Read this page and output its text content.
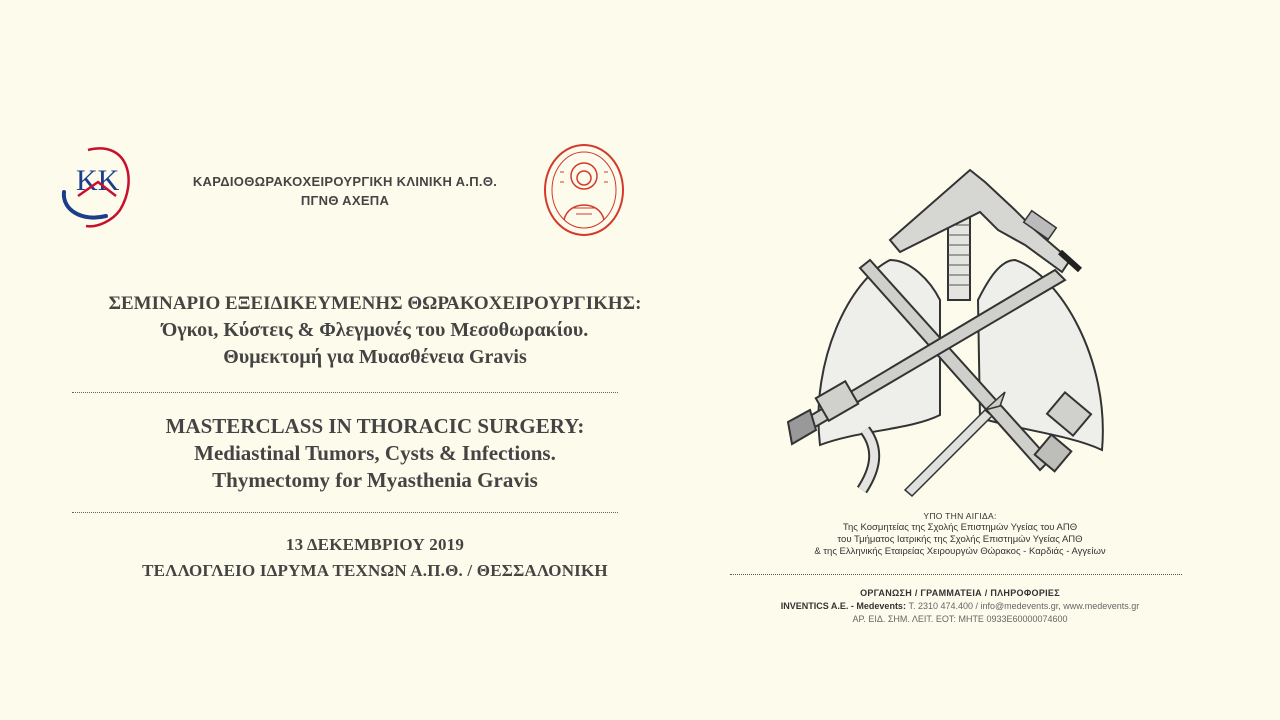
ΚΚ	ΚΑΡΔΙΟΘΩΡΑΚΟΧΕΙΡΟΥΡΓΙΚΗ ΚΛΙΝΙΚΗ Α.Π.Θ.
ΠΓΝΘ ΑΧΕΠΑ
ΣΕΜΙΝΑΡΙΟ ΕΞΕΙΔΙΚΕΥΜΕΝΗΣ ΘΩΡΑΚΟΧΕΙΡΟΥΡΓΙΚΗΣ:
Όγκοι, Κύστεις & Φλεγμονές του Μεσοθωρακίου.
Θυμεκτομή για Μυασθένεια Gravis
MASTERCLASS IN THORACIC SURGERY:
Mediastinal Tumors, Cysts & Infections.
Thymectomy for Myasthenia Gravis
13 ΔΕΚΕΜΒΡΙΟΥ 2019
ΤΕΛΛΟΓΛΕΙΟ ΙΔΡΥΜΑ ΤΕΧΝΩΝ Α.Π.Θ. / ΘΕΣΣΑΛΟΝΙΚΗ
ΥΠΟ ΤΗΝ ΑΙΓΙΔΑ:
Της Κοσμητείας της Σχολής Επιστημών Υγείας του ΑΠΘ
του Τμήματος Ιατρικής της Σχολής Επιστημών Υγείας ΑΠΘ
& της Ελληνικής Εταιρείας Χειρουργών Θώρακος - Καρδιάς - Αγγείων
ΟΡΓΑΝΩΣΗ / ΓΡΑΜΜΑΤΕΙΑ / ΠΛΗΡΟΦΟΡΙΕΣ
INVENTICS A.E. - Medevents: Τ. 2310 474.400 / info@medevents.gr, www.medevents.gr
ΑΡ. ΕΙΔ. ΣΗΜ. ΛΕΙΤ. ΕΟΤ: ΜΗΤΕ 0933Ε60000074600
